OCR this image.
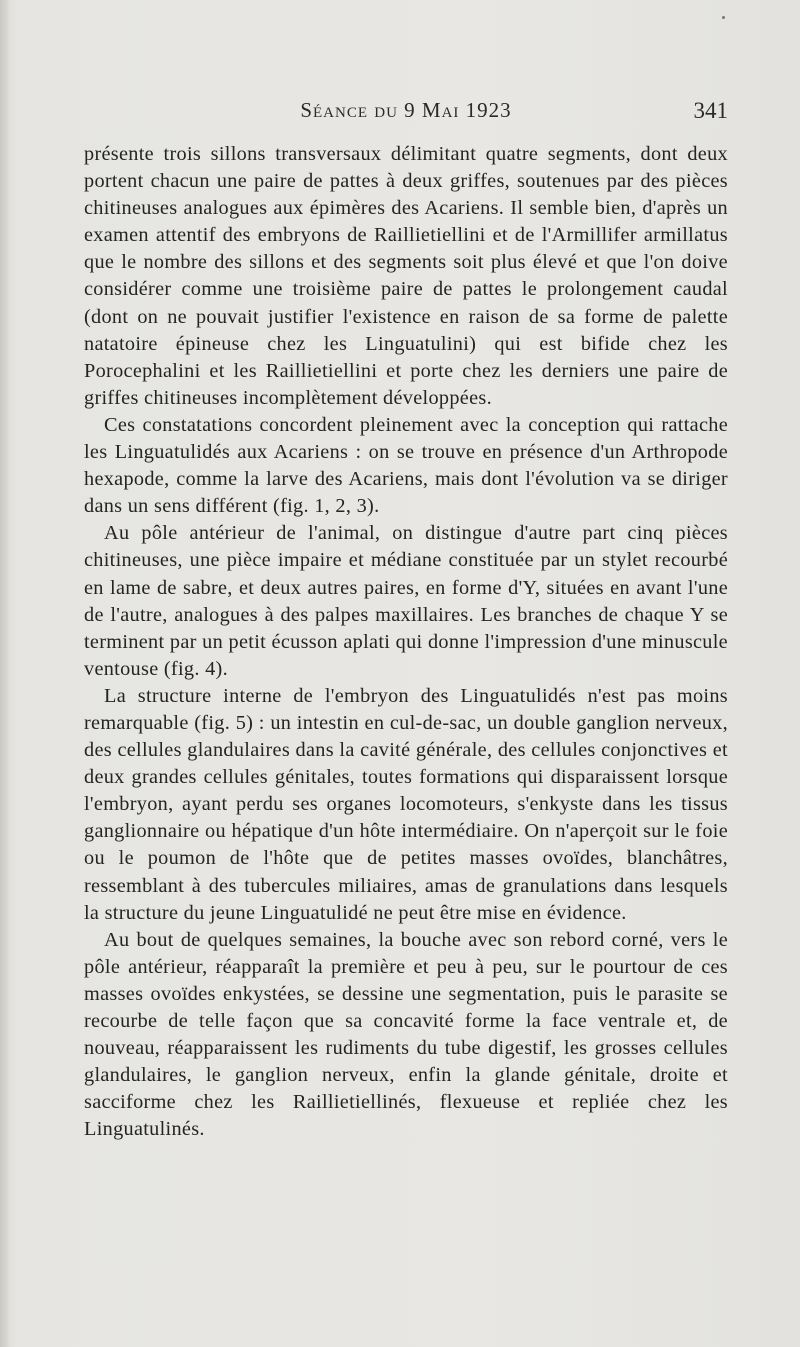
Séance du 9 Mai 1923	341

présente trois sillons transversaux délimitant quatre segments, dont deux portent chacun une paire de pattes à deux griffes, soutenues par des pièces chitineuses analogues aux épimères des Acariens. Il semble bien, d'après un examen attentif des embryons de Raillietiellini et de l'Armillifer armillatus que le nombre des sillons et des segments soit plus élevé et que l'on doive considérer comme une troisième paire de pattes le prolongement caudal (dont on ne pouvait justifier l'existence en raison de sa forme de palette natatoire épineuse chez les Linguatulini) qui est bifide chez les Porocephalini et les Raillietiellini et porte chez les derniers une paire de griffes chitineuses incomplètement développées.

Ces constatations concordent pleinement avec la conception qui rattache les Linguatulidés aux Acariens : on se trouve en présence d'un Arthropode hexapode, comme la larve des Acariens, mais dont l'évolution va se diriger dans un sens différent (fig. 1, 2, 3).

Au pôle antérieur de l'animal, on distingue d'autre part cinq pièces chitineuses, une pièce impaire et médiane constituée par un stylet recourbé en lame de sabre, et deux autres paires, en forme d'Y, situées en avant l'une de l'autre, analogues à des palpes maxillaires. Les branches de chaque Y se terminent par un petit écusson aplati qui donne l'impression d'une minuscule ventouse (fig. 4).

La structure interne de l'embryon des Linguatulidés n'est pas moins remarquable (fig. 5) : un intestin en cul-de-sac, un double ganglion nerveux, des cellules glandulaires dans la cavité générale, des cellules conjonctives et deux grandes cellules génitales, toutes formations qui disparaissent lorsque l'embryon, ayant perdu ses organes locomoteurs, s'enkyste dans les tissus ganglionnaire ou hépatique d'un hôte intermédiaire. On n'aperçoit sur le foie ou le poumon de l'hôte que de petites masses ovoïdes, blanchâtres, ressemblant à des tubercules miliaires, amas de granulations dans lesquels la structure du jeune Linguatulidé ne peut être mise en évidence.

Au bout de quelques semaines, la bouche avec son rebord corné, vers le pôle antérieur, réapparaît la première et peu à peu, sur le pourtour de ces masses ovoïdes enkystées, se dessine une segmentation, puis le parasite se recourbe de telle façon que sa concavité forme la face ventrale et, de nouveau, réapparaissent les rudiments du tube digestif, les grosses cellules glandulaires, le ganglion nerveux, enfin la glande génitale, droite et sacciforme chez les Raillietiellinés, flexueuse et repliée chez les Linguatulinés.
